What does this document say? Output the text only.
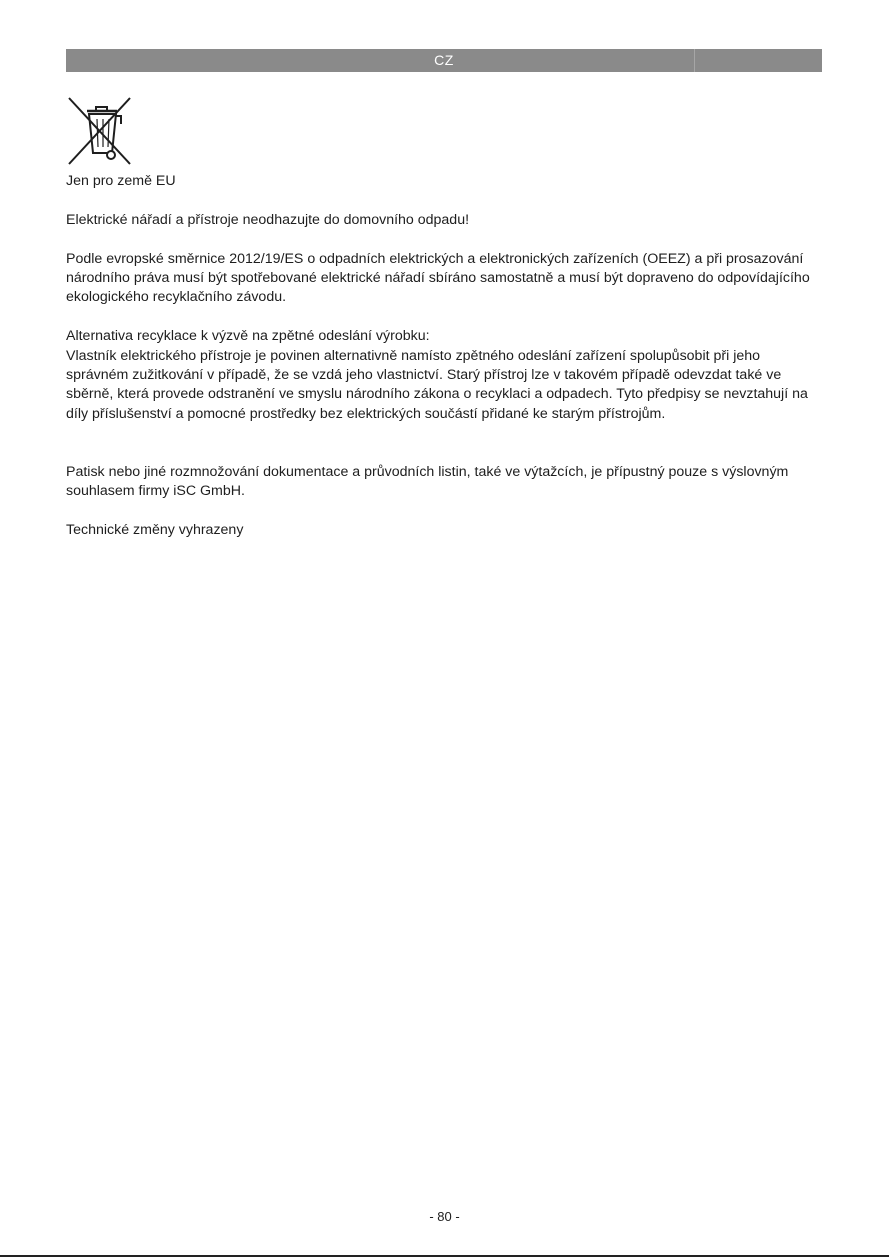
CZ

Jen pro země EU

Elektrické nářadí a přístroje neodhazujte do domovního odpadu!

Podle evropské směrnice 2012/19/ES o odpadních elektrických a elektronických zařízeních (OEEZ) a při prosazování národního práva musí být spotřebované elektrické nářadí sbíráno samostatně a musí být dopraveno do odpovídajícího ekologického recyklačního závodu.

Alternativa recyklace k výzvě na zpětné odeslání výrobku:

Vlastník elektrického přístroje je povinen alternativně namísto zpětného odeslání zařízení spolupůsobit při jeho správném zužitkování v případě, že se vzdá jeho vlastnictví. Starý přístroj lze v takovém případě odevzdat také ve sběrně, která provede odstranění ve smyslu národního zákona o recyklaci a odpadech. Tyto předpisy se nevztahují na díly příslušenství a pomocné prostředky bez elektrických součástí přidané ke starým přístrojům.

Patisk nebo jiné rozmnožování dokumentace a průvodních listin, také ve výtažcích, je přípustný pouze s výslovným souhlasem firmy iSC GmbH.

Technické změny vyhrazeny

- 80 -
